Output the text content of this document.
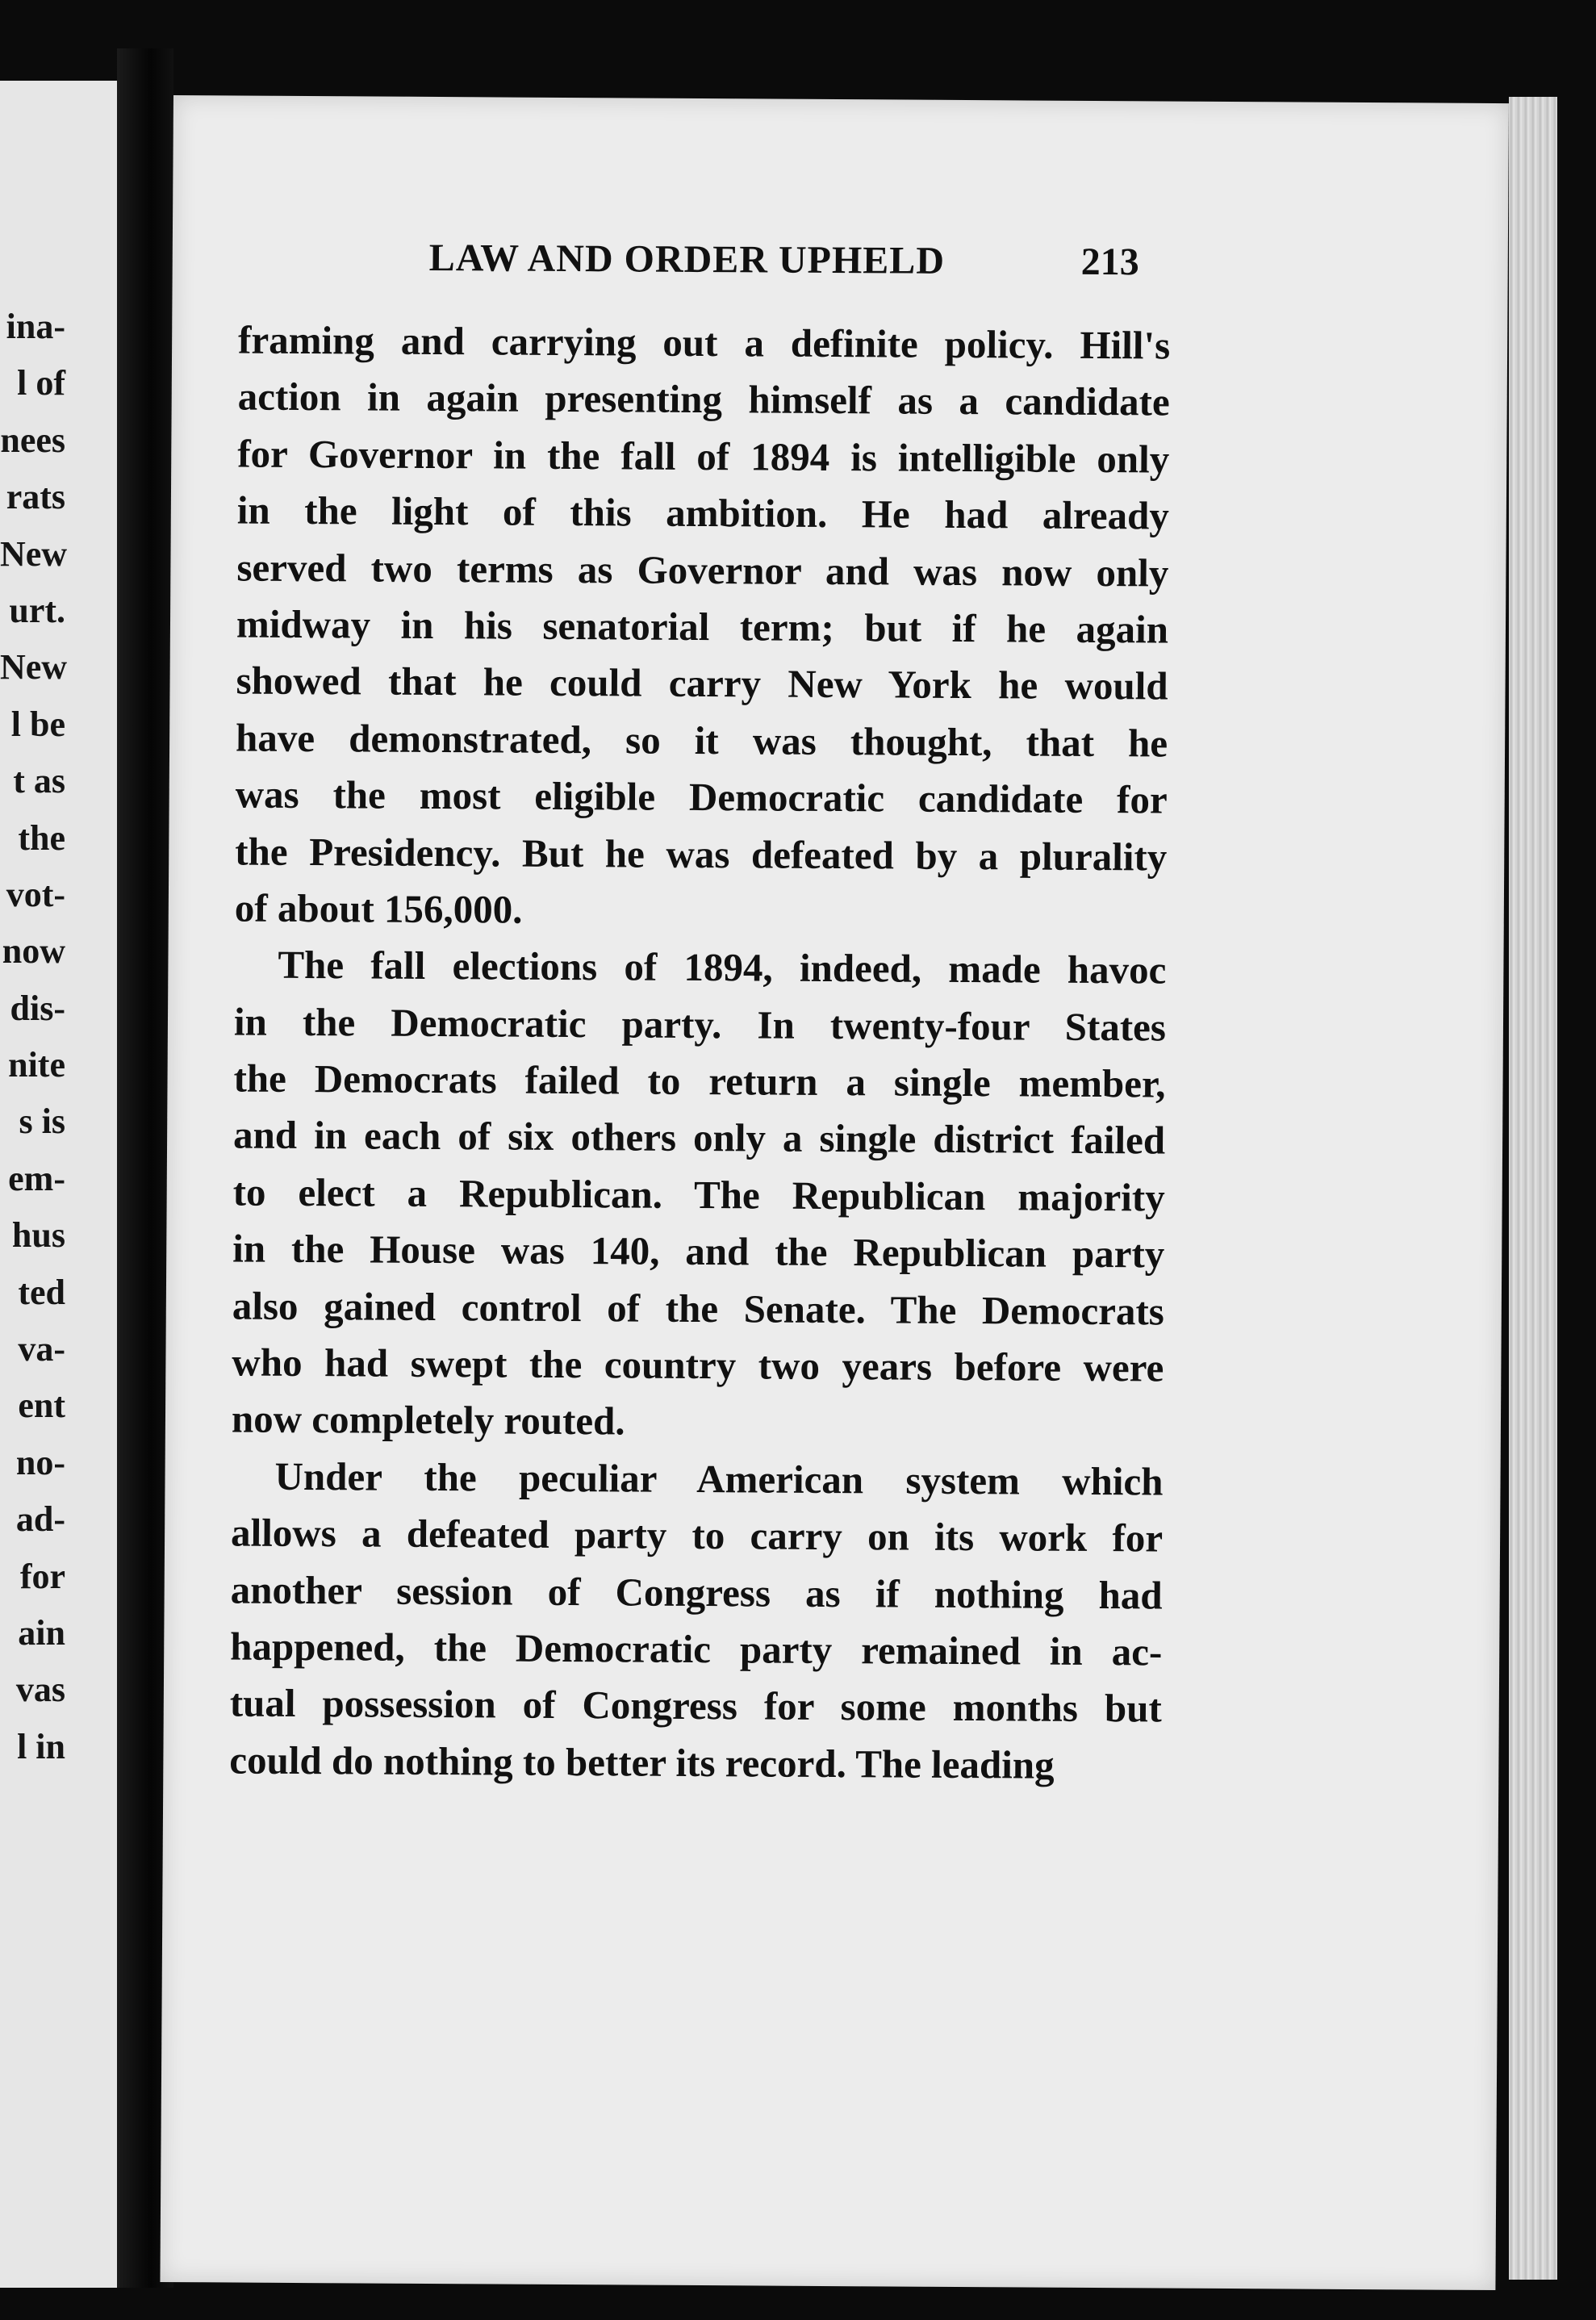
ina-
l of
nees
rats
New
urt.
New
l be
t as
the
vot-
now
dis-
nite
s is
em-
hus
ted
va-
ent
no-
ad-
for
ain
vas
l in
LAW AND ORDER UPHELD	213
framing and carrying out a definite policy. Hill's
action in again presenting himself as a candidate
for Governor in the fall of 1894 is intelligible only
in the light of this ambition. He had already
served two terms as Governor and was now only
midway in his senatorial term; but if he again
showed that he could carry New York he would
have demonstrated, so it was thought, that he
was the most eligible Democratic candidate for
the Presidency. But he was defeated by a plurality
of about 156,000.
The fall elections of 1894, indeed, made havoc
in the Democratic party. In twenty-four States
the Democrats failed to return a single member,
and in each of six others only a single district failed
to elect a Republican. The Republican majority
in the House was 140, and the Republican party
also gained control of the Senate. The Democrats
who had swept the country two years before were
now completely routed.
Under the peculiar American system which
allows a defeated party to carry on its work for
another session of Congress as if nothing had
happened, the Democratic party remained in ac-
tual possession of Congress for some months but
could do nothing to better its record. The leading
